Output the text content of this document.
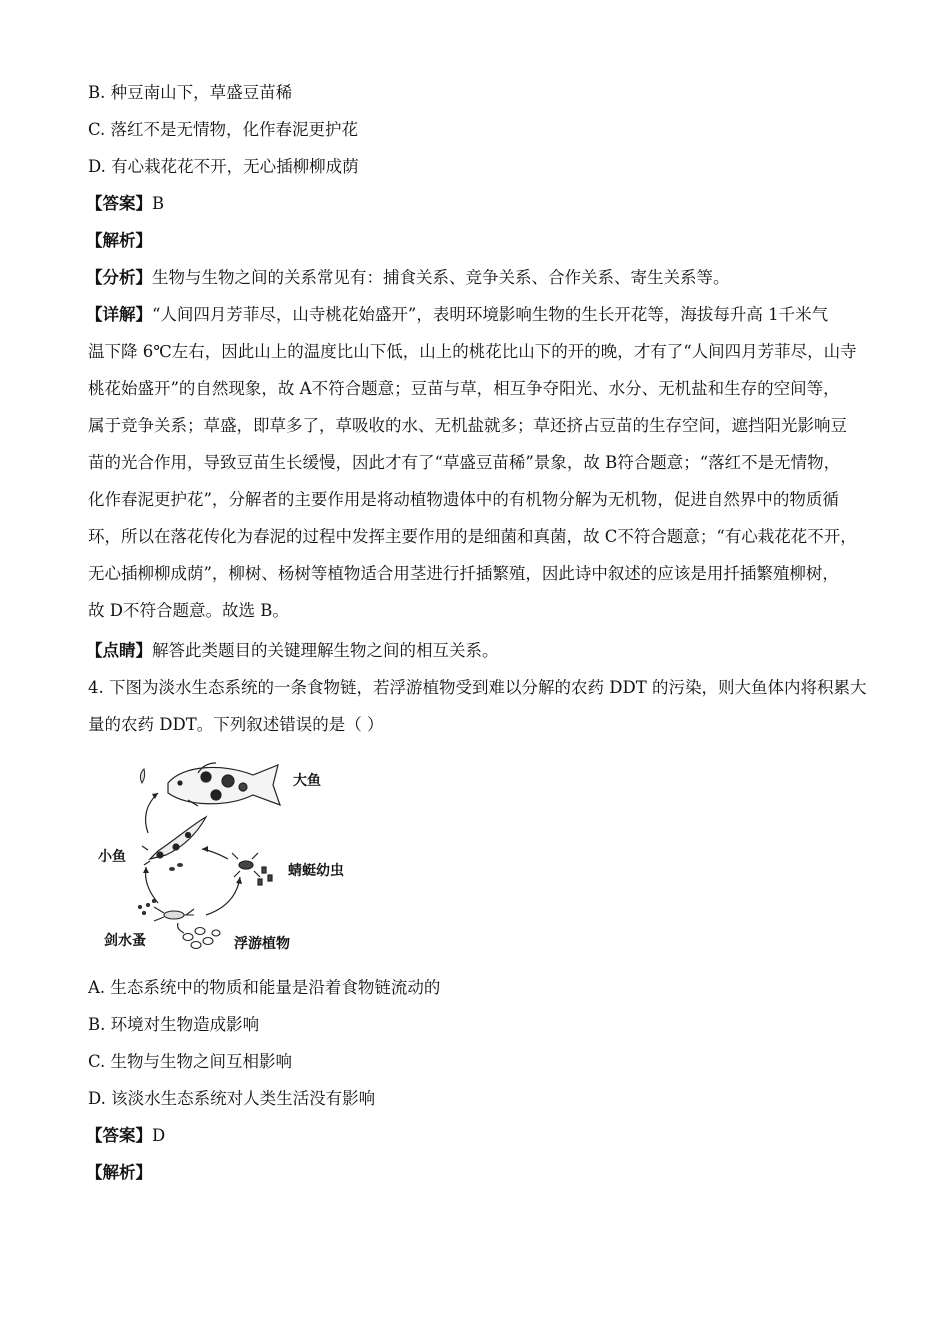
B. 种豆南山下，草盛豆苗稀
C. 落红不是无情物，化作春泥更护花
D. 有心栽花花不开，无心插柳柳成荫
【答案】B
【解析】
【分析】生物与生物之间的关系常见有：捕食关系、竞争关系、合作关系、寄生关系等。
【详解】“人间四月芳菲尽，山寺桃花始盛开”，表明环境影响生物的生长开花等，海拔每升高 1千米气
温下降 6℃左右，因此山上的温度比山下低，山上的桃花比山下的开的晚，才有了“人间四月芳菲尽，山寺
桃花始盛开”的自然现象，故 A不符合题意；豆苗与草，相互争夺阳光、水分、无机盐和生存的空间等，
属于竞争关系；草盛，即草多了，草吸收的水、无机盐就多；草还挤占豆苗的生存空间，遮挡阳光影响豆
苗的光合作用，导致豆苗生长缓慢，因此才有了“草盛豆苗稀”景象，故 B符合题意；“落红不是无情物，
化作春泥更护花”，分解者的主要作用是将动植物遗体中的有机物分解为无机物，促进自然界中的物质循
环，所以在落花传化为春泥的过程中发挥主要作用的是细菌和真菌，故 C不符合题意；“有心栽花花不开，
无心插柳柳成荫”，柳树、杨树等植物适合用茎进行扦插繁殖，因此诗中叙述的应该是用扦插繁殖柳树，
故 D不符合题意。故选 B。
【点睛】解答此类题目的关键理解生物之间的相互关系。
4. 下图为淡水生态系统的一条食物链，若浮游植物受到难以分解的农药 DDT 的污染，则大鱼体内将积累大
量的农药 DDT。下列叙述错误的是（ ）
大鱼
小鱼
蜻蜓幼虫
剑水蚤	浮游植物
A. 生态系统中的物质和能量是沿着食物链流动的
B. 环境对生物造成影响
C. 生物与生物之间互相影响
D. 该淡水生态系统对人类生活没有影响
【答案】D
【解析】
